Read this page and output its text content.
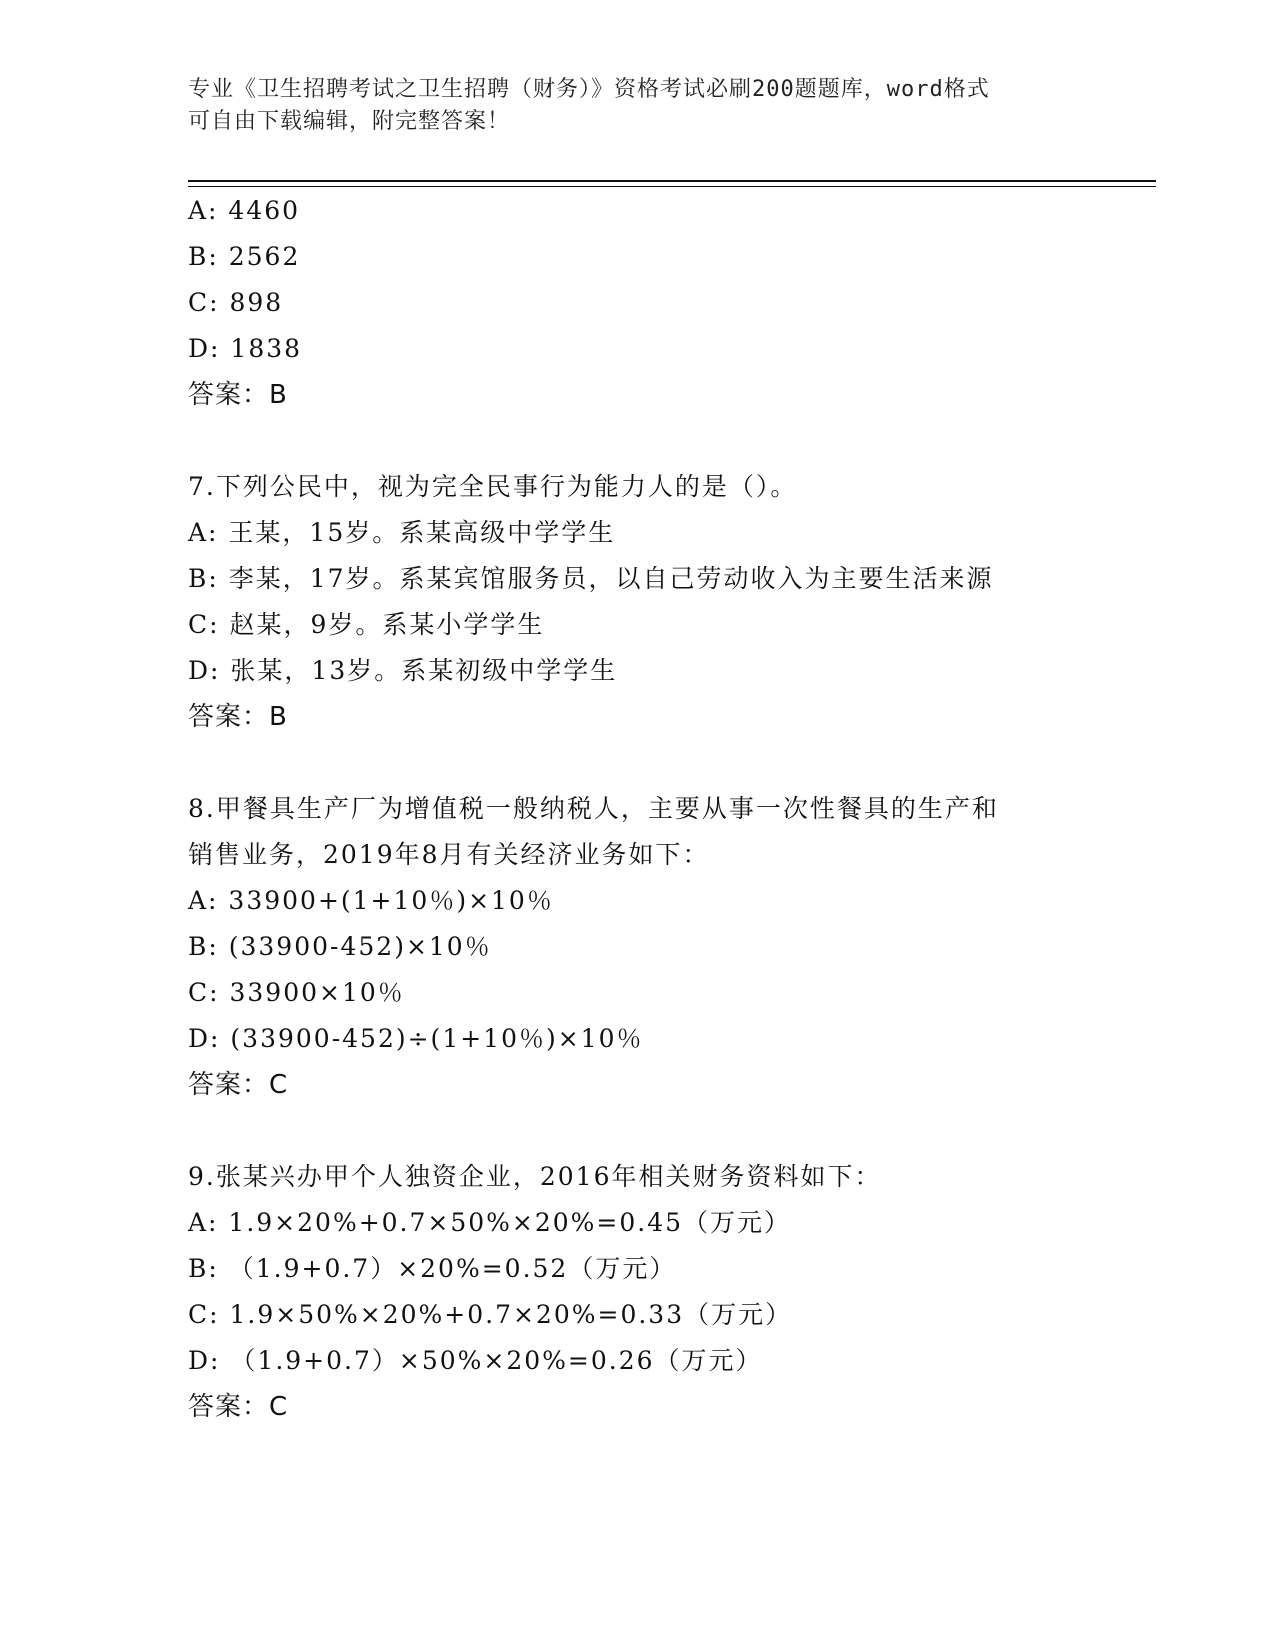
专业《卫生招聘考试之卫生招聘（财务）》资格考试必刷200题题库，word格式
可自由下载编辑，附完整答案！
A: 4460
B: 2562
C: 898
D: 1838
答案：B
7.下列公民中，视为完全民事行为能力人的是（）。
A: 王某，15岁。系某高级中学学生
B: 李某，17岁。系某宾馆服务员，以自己劳动收入为主要生活来源
C: 赵某，9岁。系某小学学生
D: 张某，13岁。系某初级中学学生
答案：B
8.甲餐具生产厂为增值税一般纳税人，主要从事一次性餐具的生产和
销售业务，2019年8月有关经济业务如下：
A: 33900+(1+10％)×10％
B: (33900-452)×10％
C: 33900×10％
D: (33900-452)÷(1+10％)×10％
答案：C
9.张某兴办甲个人独资企业，2016年相关财务资料如下：
A: 1.9×20%+0.7×50%×20%=0.45（万元）
B: （1.9+0.7）×20%=0.52（万元）
C: 1.9×50%×20%+0.7×20%=0.33（万元）
D: （1.9+0.7）×50%×20%=0.26（万元）
答案：C
